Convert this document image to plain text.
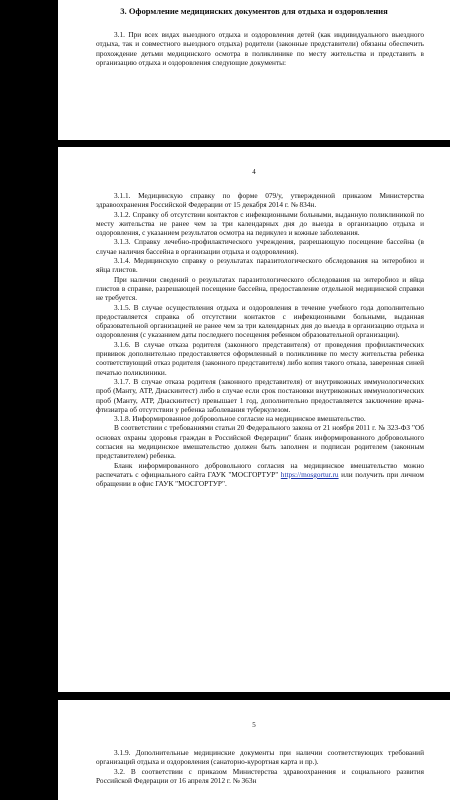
3. Оформление медицинских документов для отдыха и оздоровления

3.1. При всех видах выездного отдыха и оздоровления детей (как индивидуального выездного отдыха, так и совместного выездного отдыха) родители (законные представители) обязаны обеспечить прохождение детьми медицинского осмотра в поликлинике по месту жительства и представить в организацию отдыха и оздоровления следующие документы:

4

3.1.1. Медицинскую справку по форме 079/у, утвержденной приказом Министерства здравоохранения Российской Федерации от 15 декабря 2014 г. № 834н.

3.1.2. Справку об отсутствии контактов с инфекционными больными, выданную поликлиникой по месту жительства не ранее чем за три календарных дня до выезда в организацию отдыха и оздоровления, с указанием результатов осмотра на педикулез и кожные заболевания.

3.1.3. Справку лечебно-профилактического учреждения, разрешающую посещение бассейна (в случае наличия бассейна в организации отдыха и оздоровления).

3.1.4. Медицинскую справку о результатах паразитологического обследования на энтеробиоз и яйца глистов.

При наличии сведений о результатах паразитологического обследования на энтеробиоз и яйца глистов в справке, разрешающей посещение бассейна, предоставление отдельной медицинской справки не требуется.

3.1.5. В случае осуществления отдыха и оздоровления в течение учебного года дополнительно предоставляется справка об отсутствии контактов с инфекционными больными, выданная образовательной организацией не ранее чем за три календарных дня до выезда в организацию отдыха и оздоровления (с указанием даты последнего посещения ребенком образовательной организации).

3.1.6. В случае отказа родителя (законного представителя) от проведения профилактических прививок дополнительно предоставляется оформленный в поликлинике по месту жительства ребенка соответствующий отказ родителя (законного представителя) либо копия такого отказа, заверенная синей печатью поликлиники.

3.1.7. В случае отказа родителя (законного представителя) от внутрикожных иммунологических проб (Манту, АТР, Диаскинтест) либо в случае если срок постановки внутрикожных иммунологических проб (Манту, АТР, Диаскинтест) превышает 1 год, дополнительно предоставляется заключение врача-фтизиатра об отсутствии у ребенка заболевания туберкулезом.

3.1.8. Информированное добровольное согласие на медицинское вмешательство.

В соответствии с требованиями статьи 20 Федерального закона от 21 ноября 2011 г. № 323-ФЗ "Об основах охраны здоровья граждан в Российской Федерации" бланк информированного добровольного согласия на медицинское вмешательство должен быть заполнен и подписан родителем (законным представителем) ребенка.

Бланк информированного добровольного согласия на медицинское вмешательство можно распечатать с официального сайта ГАУК "МОСГОРТУР" https://mosgortur.ru или получить при личном обращении в офис ГАУК "МОСГОРТУР".

5

3.1.9. Дополнительные медицинские документы при наличии соответствующих требований организаций отдыха и оздоровления (санаторно-курортная карта и пр.).

3.2. В соответствии с приказом Министерства здравоохранения и социального развития Российской Федерации от 16 апреля 2012 г. № 363н
